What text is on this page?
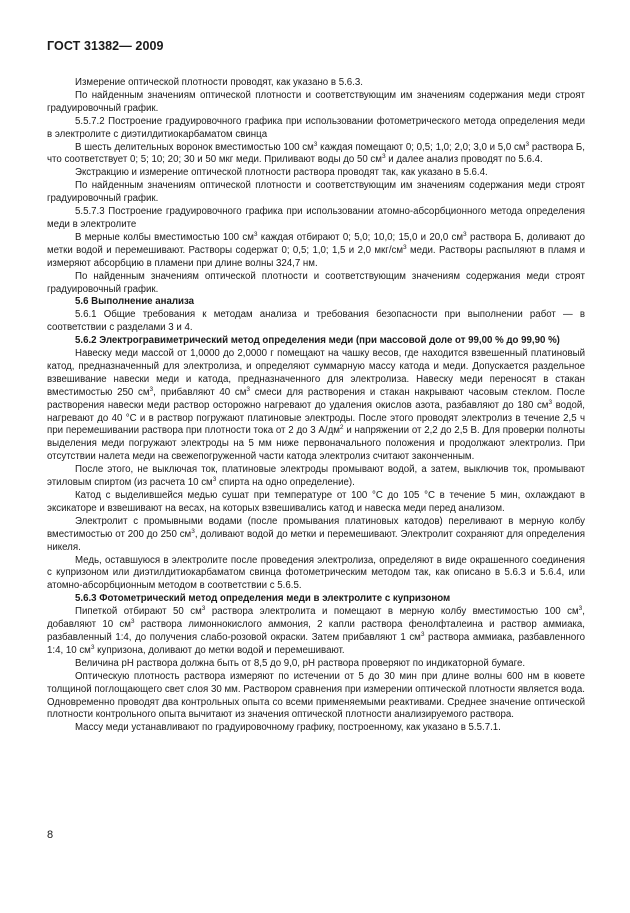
ГОСТ 31382— 2009

Измерение оптической плотности проводят, как указано в 5.6.3.

По найденным значениям оптической плотности и соответствующим им значениям содержания меди строят градуировочный график.

5.5.7.2 Построение градуировочного графика при использовании фотометрического метода определения меди в электролите с диэтилдитиокарбаматом свинца

В шесть делительных воронок вместимостью 100 $см^3$ каждая помещают 0; 0,5; 1,0; 2,0; 3,0 и 5,0 $см^3$ раствора Б, что соответствует 0; 5; 10; 20; 30 и 50 мкг меди. Приливают воды до 50 $см^3$ и далее анализ проводят по 5.6.4.

Экстракцию и измерение оптической плотности раствора проводят так, как указано в 5.6.4.

По найденным значениям оптической плотности и соответствующим им значениям содержания меди строят градуировочный график.

5.5.7.3 Построение градуировочного графика при использовании атомно-абсорбционного метода определения меди в электролите

В мерные колбы вместимостью 100 $см^3$ каждая отбирают 0; 5,0; 10,0; 15,0 и 20,0 $см^3$ раствора Б, доливают до метки водой и перемешивают. Растворы содержат 0; 0,5; 1,0; 1,5 и 2,0 мкг/$см^3$ меди. Растворы распыляют в пламя и измеряют абсорбцию в пламени при длине волны 324,7 нм.

По найденным значениям оптической плотности и соответствующим значениям содержания меди строят градуировочный график.

5.6 Выполнение анализа

5.6.1 Общие требования к методам анализа и требования безопасности при выполнении работ — в соответствии с разделами 3 и 4.

5.6.2 Электрогравиметрический метод определения меди (при массовой доле от 99,00 % до 99,90 %)

Навеску меди массой от 1,0000 до 2,0000 г помещают на чашку весов, где находится взвешенный платиновый катод, предназначенный для электролиза, и определяют суммарную массу катода и меди. Допускается раздельное взвешивание навески меди и катода, предназначенного для электролиза. Навеску меди переносят в стакан вместимостью 250 $см^3$, прибавляют 40 $см^3$ смеси для растворения и стакан накрывают часовым стеклом. После растворения навески меди раствор осторожно нагревают до удаления окислов азота, разбавляют до 180 $см^3$ водой, нагревают до 40 °С и в раствор погружают платиновые электроды. После этого проводят электролиз в течение 2,5 ч при перемешивании раствора при плотности тока от 2 до 3 $А/дм^2$ и напряжении от 2,2 до 2,5 В. Для проверки полноты выделения меди погружают электроды на 5 мм ниже первоначального положения и продолжают электролиз. При отсутствии налета меди на свежепогруженной части катода электролиз считают законченным.

После этого, не выключая ток, платиновые электроды промывают водой, а затем, выключив ток, промывают этиловым спиртом (из расчета 10 $см^3$ спирта на одно определение).

Катод с выделившейся медью сушат при температуре от 100 °С до 105 °С в течение 5 мин, охлаждают в эксикаторе и взвешивают на весах, на которых взвешивались катод и навеска меди перед анализом.

Электролит с промывными водами (после промывания платиновых катодов) переливают в мерную колбу вместимостью от 200 до 250 $см^3$, доливают водой до метки и перемешивают. Электролит сохраняют для определения никеля.

Медь, оставшуюся в электролите после проведения электролиза, определяют в виде окрашенного соединения с купризоном или диэтилдитиокарбаматом свинца фотометрическим методом так, как описано в 5.6.3 и 5.6.4, или атомно-абсорбционным методом в соответствии с 5.6.5.

5.6.3 Фотометрический метод определения меди в электролите с купризоном

Пипеткой отбирают 50 $см^3$ раствора электролита и помещают в мерную колбу вместимостью 100 $см^3$, добавляют 10 $см^3$ раствора лимоннокислого аммония, 2 капли раствора фенолфталеина и раствор аммиака, разбавленный 1:4, до получения слабо-розовой окраски. Затем прибавляют 1 $см^3$ раствора аммиака, разбавленного 1:4, 10 $см^3$ купризона, доливают до метки водой и перемешивают.

Величина рН раствора должна быть от 8,5 до 9,0, рН раствора проверяют по индикаторной бумаге.

Оптическую плотность раствора измеряют по истечении от 5 до 30 мин при длине волны 600 нм в кювете толщиной поглощающего свет слоя 30 мм. Раствором сравнения при измерении оптической плотности является вода. Одновременно проводят два контрольных опыта со всеми применяемыми реактивами. Среднее значение оптической плотности контрольного опыта вычитают из значения оптической плотности анализируемого раствора.

Массу меди устанавливают по градуировочному графику, построенному, как указано в 5.5.7.1.

8
